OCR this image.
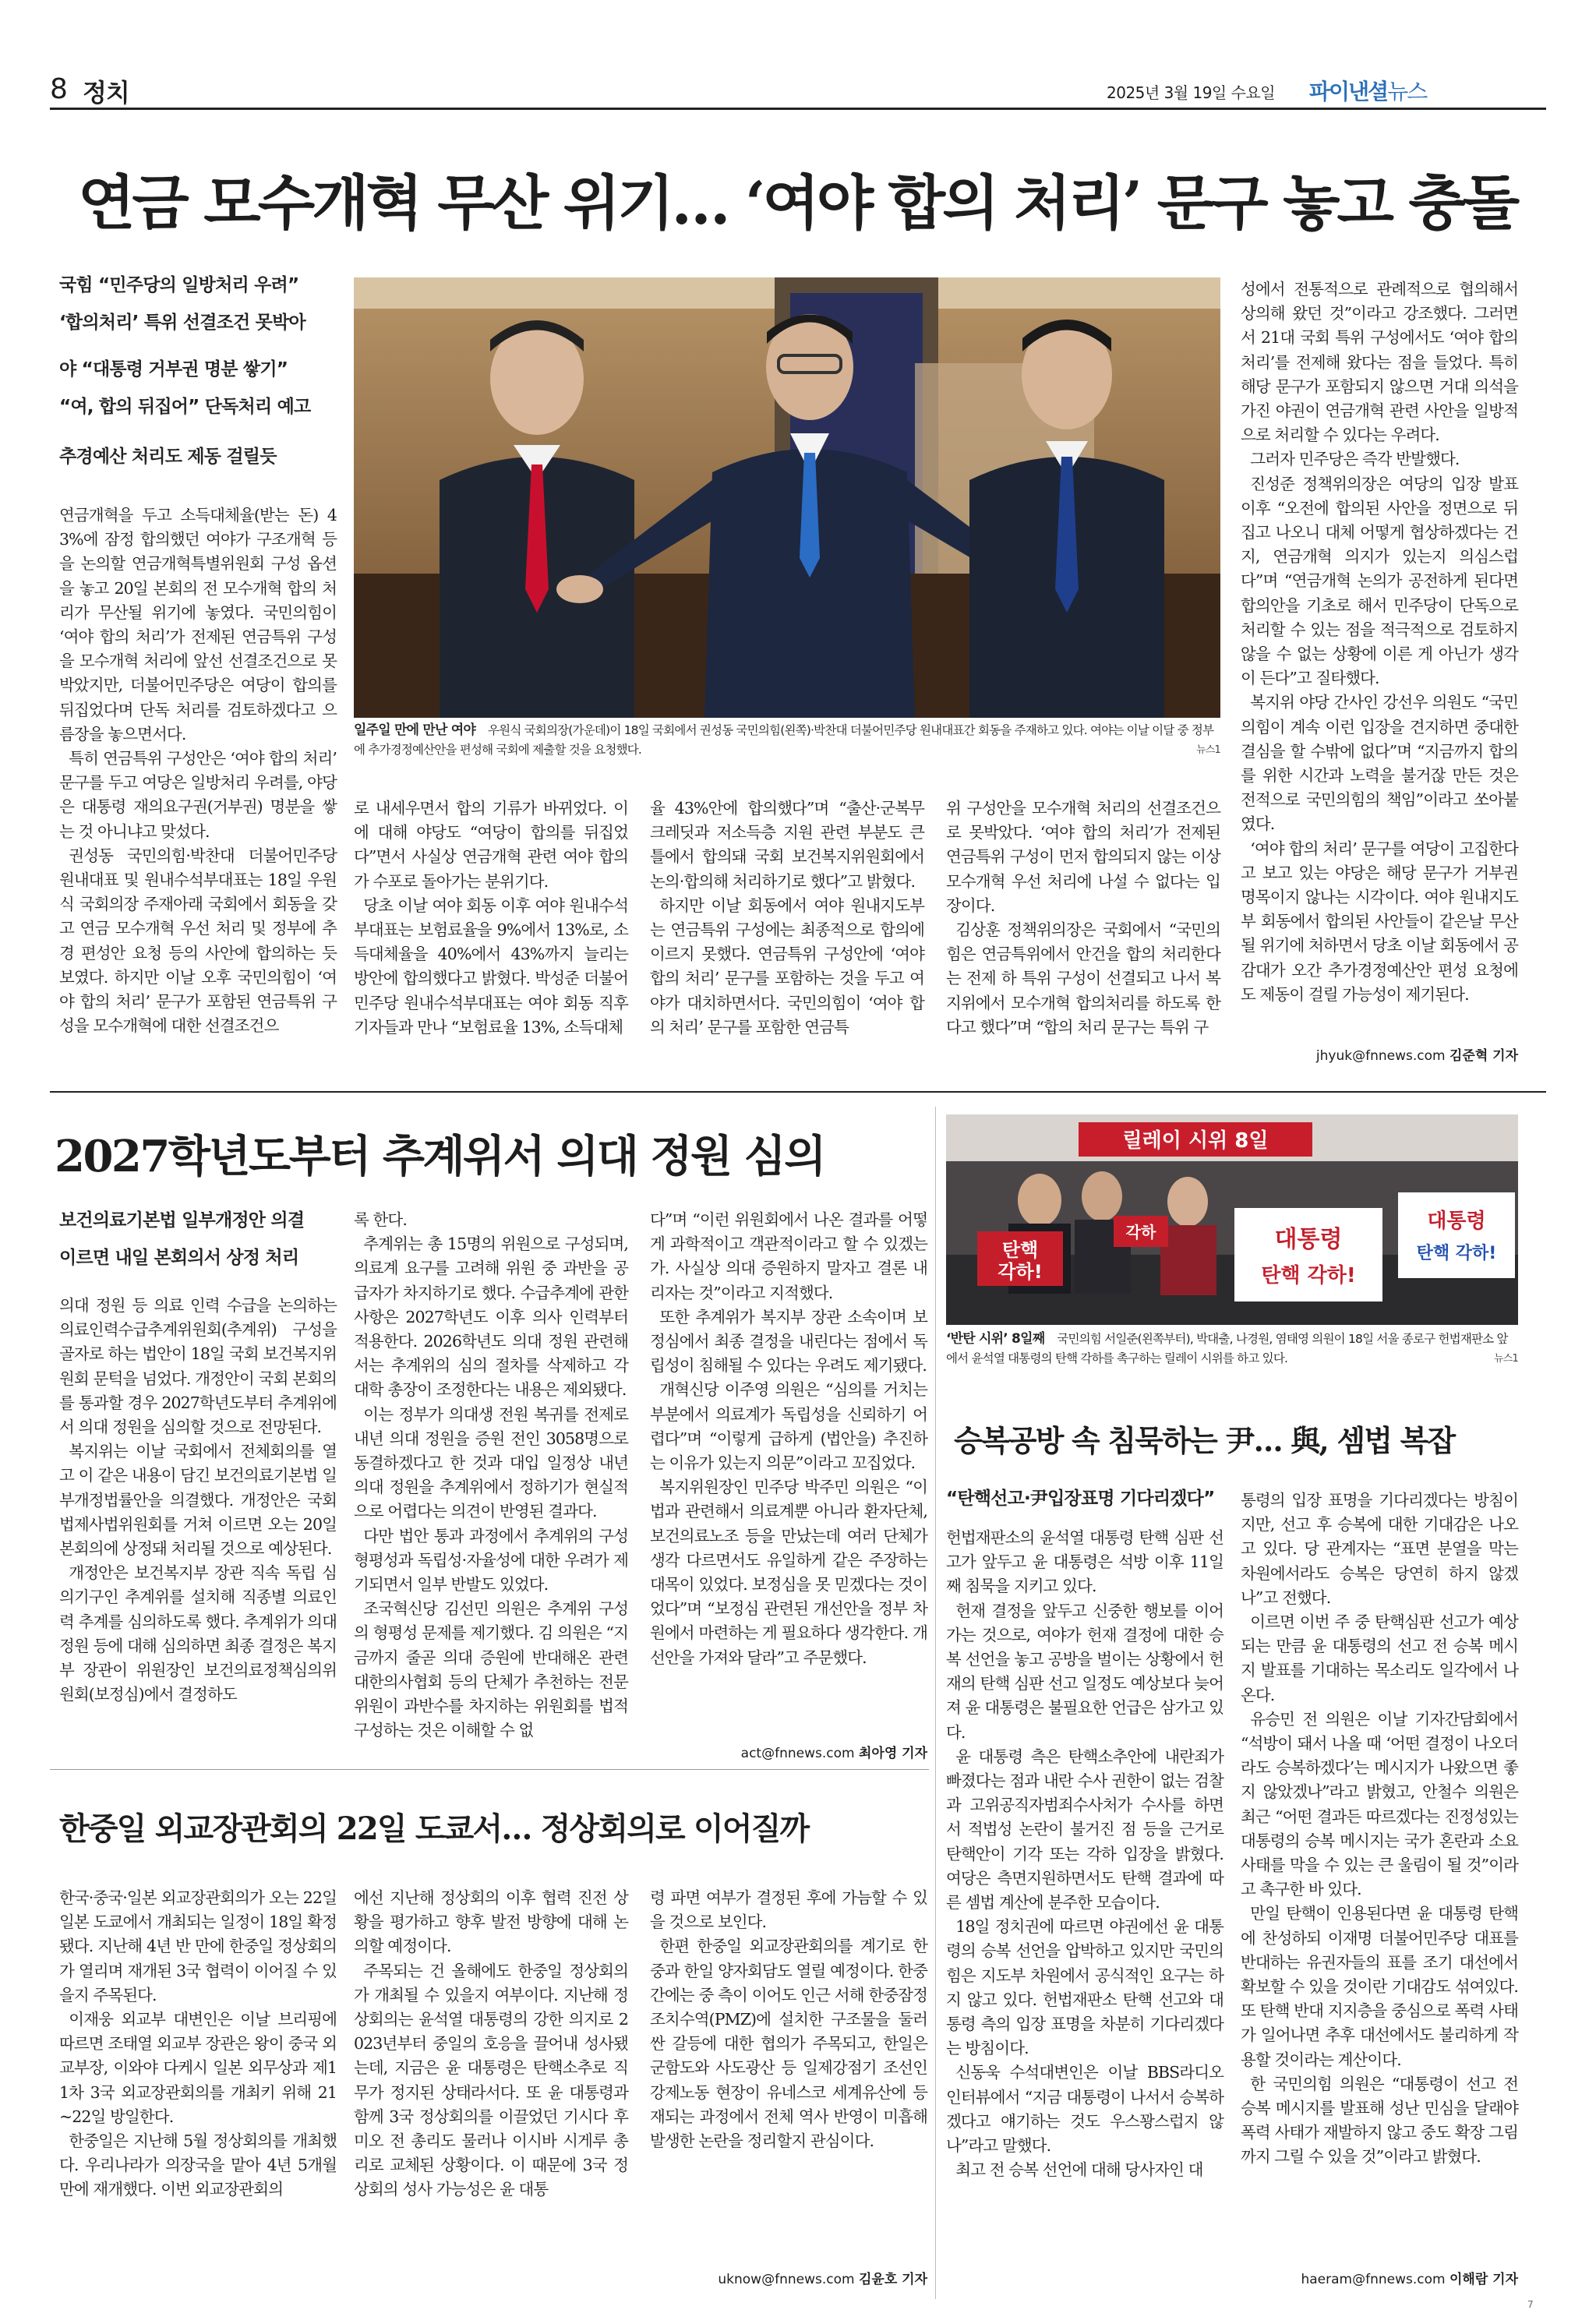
8 정치	2025년 3월 19일 수요일 파이낸셜뉴스
연금 모수개혁 무산 위기… ‘여야 합의 처리’ 문구 놓고 충돌
국힘 “민주당의 일방처리 우려”
‘합의처리’ 특위 선결조건 못박아
야 “대통령 거부권 명분 쌓기”
“여, 합의 뒤집어” 단독처리 예고
추경예산 처리도 제동 걸릴듯
일주일 만에 만난 여야 우원식 국회의장(가운데)이 18일 국회에서 권성동 국민의힘(왼쪽)·박찬대 더불어민주당 원내대표간 회동을 주재하고 있다. 여야는 이날 이달 중 정부에 추가경정예산안을 편성해 국회에 제출할 것을 요청했다.	뉴스1

연금개혁을 두고 소득대체율(받는 돈) 43%에 잠정 합의했던 여야가 구조개혁 등을 논의할 연금개혁특별위원회 구성 옵션을 놓고 20일 본회의 전 모수개혁 합의 처리가 무산될 위기에 놓였다. 국민의힘이 ‘여야 합의 처리’가 전제된 연금특위 구성을 모수개혁 처리에 앞선 선결조건으로 못박았지만, 더불어민주당은 여당이 합의를 뒤집었다며 단독 처리를 검토하겠다고 으름장을 놓으면서다.

특히 연금특위 구성안은 ‘여야 합의 처리’ 문구를 두고 여당은 일방처리 우려를, 야당은 대통령 재의요구권(거부권) 명분을 쌓는 것 아니냐고 맞섰다.

권성동 국민의힘·박찬대 더불어민주당 원내대표 및 원내수석부대표는 18일 우원식 국회의장 주재아래 국회에서 회동을 갖고 연금 모수개혁 우선 처리 및 정부에 추경 편성안 요청 등의 사안에 합의하는 듯 보였다. 하지만 이날 오후 국민의힘이 ‘여야 합의 처리’ 문구가 포함된 연금특위 구성을 모수개혁에 대한 선결조건으

로 내세우면서 합의 기류가 바뀌었다. 이에 대해 야당도 “여당이 합의를 뒤집었다”면서 사실상 연금개혁 관련 여야 합의가 수포로 돌아가는 분위기다.

당초 이날 여야 회동 이후 여야 원내수석부대표는 보험료율을 9%에서 13%로, 소득대체율을 40%에서 43%까지 늘리는 방안에 합의했다고 밝혔다. 박성준 더불어민주당 원내수석부대표는 여야 회동 직후 기자들과 만나 “보험료율 13%, 소득대체

율 43%안에 합의했다”며 “출산·군복무 크레딧과 저소득층 지원 관련 부분도 큰 틀에서 합의돼 국회 보건복지위원회에서 논의·합의해 처리하기로 했다”고 밝혔다.

하지만 이날 회동에서 여야 원내지도부는 연금특위 구성에는 최종적으로 합의에 이르지 못했다. 연금특위 구성안에 ‘여야 합의 처리’ 문구를 포함하는 것을 두고 여야가 대치하면서다. 국민의힘이 ‘여야 합의 처리’ 문구를 포함한 연금특

위 구성안을 모수개혁 처리의 선결조건으로 못박았다. ‘여야 합의 처리’가 전제된 연금특위 구성이 먼저 합의되지 않는 이상 모수개혁 우선 처리에 나설 수 없다는 입장이다.

김상훈 정책위의장은 국회에서 “국민의힘은 연금특위에서 안건을 합의 처리한다는 전제 하 특위 구성이 선결되고 나서 복지위에서 모수개혁 합의처리를 하도록 한다고 했다”며 “합의 처리 문구는 특위 구

성에서 전통적으로 관례적으로 협의해서 상의해 왔던 것”이라고 강조했다. 그러면서 21대 국회 특위 구성에서도 ‘여야 합의 처리’를 전제해 왔다는 점을 들었다. 특히 해당 문구가 포함되지 않으면 거대 의석을 가진 야권이 연금개혁 관련 사안을 일방적으로 처리할 수 있다는 우려다.

그러자 민주당은 즉각 반발했다.

진성준 정책위의장은 여당의 입장 발표 이후 “오전에 합의된 사안을 정면으로 뒤집고 나오니 대체 어떻게 협상하겠다는 건지, 연금개혁 의지가 있는지 의심스럽다”며 “연금개혁 논의가 공전하게 된다면 합의안을 기초로 해서 민주당이 단독으로 처리할 수 있는 점을 적극적으로 검토하지 않을 수 없는 상황에 이른 게 아닌가 생각이 든다”고 질타했다.

복지위 야당 간사인 강선우 의원도 “국민의힘이 계속 이런 입장을 견지하면 중대한 결심을 할 수밖에 없다”며 “지금까지 합의를 위한 시간과 노력을 불거잖 만든 것은 전적으로 국민의힘의 책임”이라고 쏘아붙였다.

‘여야 합의 처리’ 문구를 여당이 고집한다고 보고 있는 야당은 해당 문구가 거부권 명목이지 않나는 시각이다. 여야 원내지도부 회동에서 합의된 사안들이 같은날 무산될 위기에 처하면서 당초 이날 회동에서 공감대가 오간 추가경정예산안 편성 요청에도 제동이 걸릴 가능성이 제기된다.

jhyuk@fnnews.com 김준혁 기자
2027학년도부터 추계위서 의대 정원 심의
보건의료기본법 일부개정안 의결
이르면 내일 본회의서 상정 처리

의대 정원 등 의료 인력 수급을 논의하는 의료인력수급추계위원회(추계위) 구성을 골자로 하는 법안이 18일 국회 보건복지위원회 문턱을 넘었다. 개정안이 국회 본회의를 통과할 경우 2027학년도부터 추계위에서 의대 정원을 심의할 것으로 전망된다.

복지위는 이날 국회에서 전체회의를 열고 이 같은 내용이 담긴 보건의료기본법 일부개정법률안을 의결했다. 개정안은 국회 법제사법위원회를 거쳐 이르면 오는 20일 본회의에 상정돼 처리될 것으로 예상된다.

개정안은 보건복지부 장관 직속 독립 심의기구인 추계위를 설치해 직종별 의료인력 추계를 심의하도록 했다. 추계위가 의대 정원 등에 대해 심의하면 최종 결정은 복지부 장관이 위원장인 보건의료정책심의위원회(보정심)에서 결정하도

록 한다.

추계위는 총 15명의 위원으로 구성되며, 의료계 요구를 고려해 위원 중 과반을 공급자가 차지하기로 했다. 수급추계에 관한 사항은 2027학년도 이후 의사 인력부터 적용한다. 2026학년도 의대 정원 관련해서는 추계위의 심의 절차를 삭제하고 각 대학 총장이 조정한다는 내용은 제외됐다.

이는 정부가 의대생 전원 복귀를 전제로 내년 의대 정원을 증원 전인 3058명으로 동결하겠다고 한 것과 대입 일정상 내년 의대 정원을 추계위에서 정하기가 현실적으로 어렵다는 의견이 반영된 결과다.

다만 법안 통과 과정에서 추계위의 구성 형평성과 독립성·자율성에 대한 우려가 제기되면서 일부 반발도 있었다.

조국혁신당 김선민 의원은 추계위 구성의 형평성 문제를 제기했다. 김 의원은 “지금까지 줄곧 의대 증원에 반대해온 관련 대한의사협회 등의 단체가 추천하는 전문위원이 과반수를 차지하는 위원회를 법적 구성하는 것은 이해할 수 없

다”며 “이런 위원회에서 나온 결과를 어떻게 과학적이고 객관적이라고 할 수 있겠는가. 사실상 의대 증원하지 말자고 결론 내리자는 것”이라고 지적했다.

또한 추계위가 복지부 장관 소속이며 보정심에서 최종 결정을 내린다는 점에서 독립성이 침해될 수 있다는 우려도 제기됐다.

개혁신당 이주영 의원은 “심의를 거치는 부분에서 의료계가 독립성을 신뢰하기 어렵다”며 “이렇게 급하게 (법안을) 추진하는 이유가 있는지 의문”이라고 꼬집었다.

복지위원장인 민주당 박주민 의원은 “이 법과 관련해서 의료계뿐 아니라 환자단체, 보건의료노조 등을 만났는데 여러 단체가 생각 다르면서도 유일하게 같은 주장하는 대목이 있었다. 보정심을 못 믿겠다는 것이었다”며 “보정심 관련된 개선안을 정부 차원에서 마련하는 게 필요하다 생각한다. 개선안을 가져와 달라”고 주문했다.

act@fnnews.com 최아영 기자
릴레이 시위 8일
탄핵
각하!
각하	대통령
탄핵 각하!
대통령
탄핵 각하!
‘반탄 시위’ 8일째 국민의힘 서일준(왼쪽부터), 박대출, 나경원, 염태영 의원이 18일 서울 종로구 헌법재판소 앞에서 윤석열 대통령의 탄핵 각하를 촉구하는 릴레이 시위를 하고 있다.	뉴스1
승복공방 속 침묵하는 尹… 與, 셈법 복잡
“탄핵선고·尹입장표명 기다리겠다”

헌법재판소의 윤석열 대통령 탄핵 심판 선고가 앞두고 윤 대통령은 석방 이후 11일째 침묵을 지키고 있다.

헌재 결정을 앞두고 신중한 행보를 이어가는 것으로, 여야가 헌재 결정에 대한 승복 선언을 놓고 공방을 벌이는 상황에서 헌재의 탄핵 심판 선고 일정도 예상보다 늦어져 윤 대통령은 불필요한 언급은 삼가고 있다.

윤 대통령 측은 탄핵소추안에 내란죄가 빠졌다는 점과 내란 수사 권한이 없는 검찰과 고위공직자범죄수사처가 수사를 하면서 적법성 논란이 불거진 점 등을 근거로 탄핵안이 기각 또는 각하 입장을 밝혔다. 여당은 측면지원하면서도 탄핵 결과에 따른 셈법 계산에 분주한 모습이다.

18일 정치권에 따르면 야권에선 윤 대통령의 승복 선언을 압박하고 있지만 국민의힘은 지도부 차원에서 공식적인 요구는 하지 않고 있다. 헌법재판소 탄핵 선고와 대통령 측의 입장 표명을 차분히 기다리겠다는 방침이다.

신동욱 수석대변인은 이날 BBS라디오 인터뷰에서 “지금 대통령이 나서서 승복하겠다고 얘기하는 것도 우스꽝스럽지 않나”라고 말했다.

최고 전 승복 선언에 대해 당사자인 대

통령의 입장 표명을 기다리겠다는 방침이지만, 선고 후 승복에 대한 기대감은 나오고 있다. 당 관계자는 “표면 분열을 막는 차원에서라도 승복은 당연히 하지 않겠나”고 전했다.

이르면 이번 주 중 탄핵심판 선고가 예상되는 만큼 윤 대통령의 선고 전 승복 메시지 발표를 기대하는 목소리도 일각에서 나온다.

유승민 전 의원은 이날 기자간담회에서 “석방이 돼서 나올 때 ‘어떤 결정이 나오더라도 승복하겠다’는 메시지가 나왔으면 좋지 않았겠나”라고 밝혔고, 안철수 의원은 최근 “어떤 결과든 따르겠다는 진정성있는 대통령의 승복 메시지는 국가 혼란과 소요사태를 막을 수 있는 큰 울림이 될 것”이라고 촉구한 바 있다.

만일 탄핵이 인용된다면 윤 대통령 탄핵에 찬성하되 이재명 더불어민주당 대표를 반대하는 유권자들의 표를 조기 대선에서 확보할 수 있을 것이란 기대감도 섞여있다. 또 탄핵 반대 지지층을 중심으로 폭력 사태가 일어나면 추후 대선에서도 불리하게 작용할 것이라는 계산이다.

한 국민의힘 의원은 “대통령이 선고 전 승복 메시지를 발표해 성난 민심을 달래야 폭력 사태가 재발하지 않고 중도 확장 그림까지 그릴 수 있을 것”이라고 밝혔다.

haeram@fnnews.com 이해람 기자
한중일 외교장관회의 22일 도쿄서… 정상회의로 이어질까

한국·중국·일본 외교장관회의가 오는 22일 일본 도쿄에서 개최되는 일정이 18일 확정됐다. 지난해 4년 반 만에 한중일 정상회의가 열리며 재개된 3국 협력이 이어질 수 있을지 주목된다.

이재웅 외교부 대변인은 이날 브리핑에 따르면 조태열 외교부 장관은 왕이 중국 외교부장, 이와야 다케시 일본 외무상과 제11차 3국 외교장관회의를 개최키 위해 21~22일 방일한다.

한중일은 지난해 5월 정상회의를 개최했다. 우리나라가 의장국을 맡아 4년 5개월 만에 재개했다. 이번 외교장관회의

에선 지난해 정상회의 이후 협력 진전 상황을 평가하고 향후 발전 방향에 대해 논의할 예정이다.

주목되는 건 올해에도 한중일 정상회의가 개최될 수 있을지 여부이다. 지난해 정상회의는 윤석열 대통령의 강한 의지로 2023년부터 중일의 호응을 끌어내 성사됐는데, 지금은 윤 대통령은 탄핵소추로 직무가 정지된 상태라서다. 또 윤 대통령과 함께 3국 정상회의를 이끌었던 기시다 후미오 전 총리도 물러나 이시바 시게루 총리로 교체된 상황이다. 이 때문에 3국 정상회의 성사 가능성은 윤 대통

령 파면 여부가 결정된 후에 가늠할 수 있을 것으로 보인다.

한편 한중일 외교장관회의를 계기로 한중과 한일 양자회담도 열릴 예정이다. 한중 간에는 중 측이 이어도 인근 서해 한중잠정조치수역(PMZ)에 설치한 구조물을 둘러싼 갈등에 대한 협의가 주목되고, 한일은 군함도와 사도광산 등 일제강점기 조선인 강제노동 현장이 유네스코 세계유산에 등재되는 과정에서 전체 역사 반영이 미흡해 발생한 논란을 정리할지 관심이다.

uknow@fnnews.com 김윤호 기자
7
